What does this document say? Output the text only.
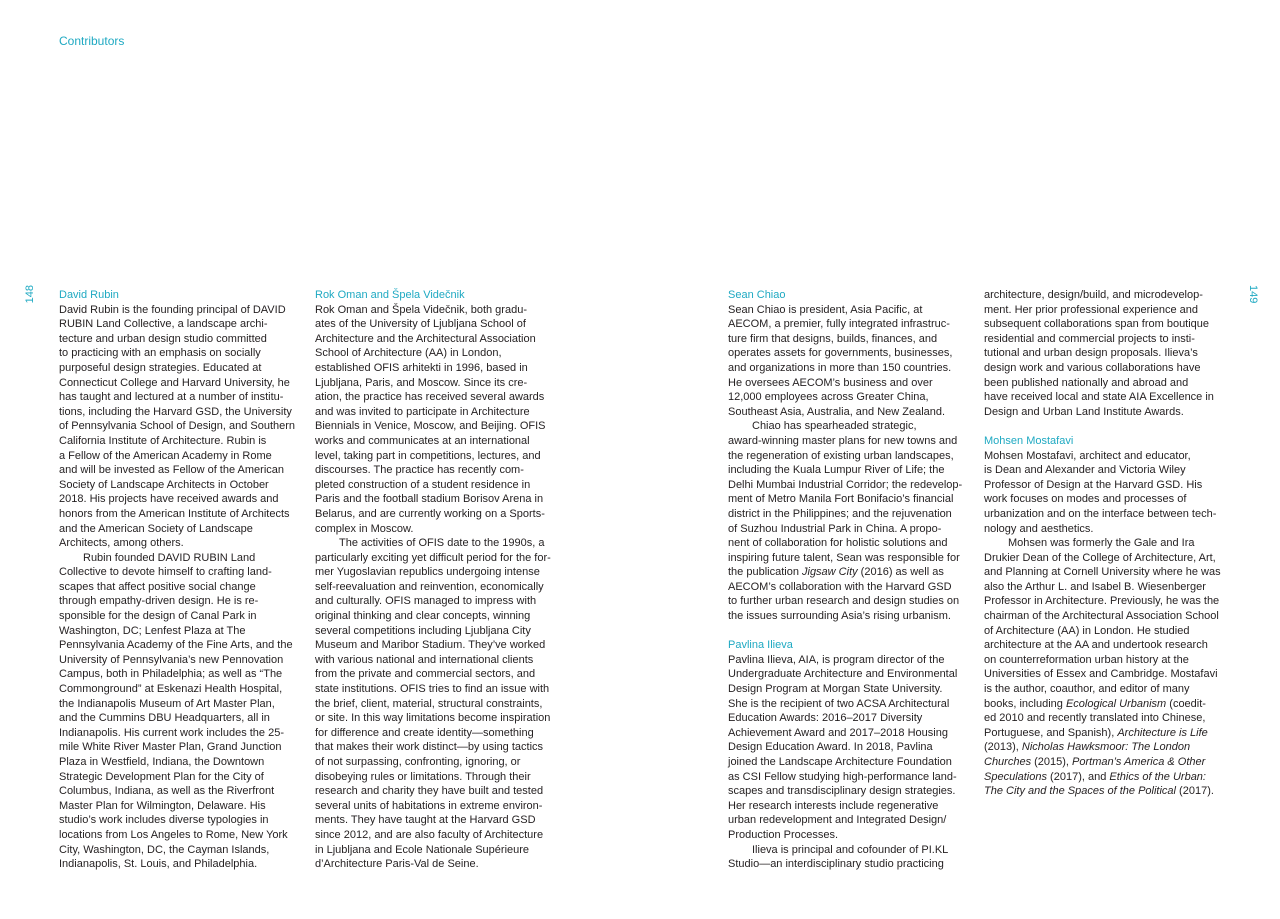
Contributors
148	149

David Rubin

David Rubin is the founding principal of DAVID
RUBIN Land Collective, a landscape archi-
tecture and urban design studio committed
to practicing with an emphasis on socially
purposeful design strategies. Educated at
Connecticut College and Harvard University, he
has taught and lectured at a number of institu-
tions, including the Harvard GSD, the University
of Pennsylvania School of Design, and Southern
California Institute of Architecture. Rubin is
a Fellow of the American Academy in Rome
and will be invested as Fellow of the American
Society of Landscape Architects in October
2018. His projects have received awards and
honors from the American Institute of Architects
and the American Society of Landscape
Architects, among others.

Rubin founded DAVID RUBIN Land
Collective to devote himself to crafting land-
scapes that affect positive social change
through empathy-driven design. He is re-
sponsible for the design of Canal Park in
Washington, DC; Lenfest Plaza at The
Pennsylvania Academy of the Fine Arts, and the
University of Pennsylvania’s new Pennovation
Campus, both in Philadelphia; as well as “The
Commonground” at Eskenazi Health Hospital,
the Indianapolis Museum of Art Master Plan,
and the Cummins DBU Headquarters, all in
Indianapolis. His current work includes the 25-
mile White River Master Plan, Grand Junction
Plaza in Westfield, Indiana, the Downtown
Strategic Development Plan for the City of
Columbus, Indiana, as well as the Riverfront
Master Plan for Wilmington, Delaware. His
studio’s work includes diverse typologies in
locations from Los Angeles to Rome, New York
City, Washington, DC, the Cayman Islands,
Indianapolis, St. Louis, and Philadelphia.

Rok Oman and Špela Videčnik

Rok Oman and Špela Videčnik, both gradu-
ates of the University of Ljubljana School of
Architecture and the Architectural Association
School of Architecture (AA) in London,
established OFIS arhitekti in 1996, based in
Ljubljana, Paris, and Moscow. Since its cre-
ation, the practice has received several awards
and was invited to participate in Architecture
Biennials in Venice, Moscow, and Beijing. OFIS
works and communicates at an international
level, taking part in competitions, lectures, and
discourses. The practice has recently com-
pleted construction of a student residence in
Paris and the football stadium Borisov Arena in
Belarus, and are currently working on a Sports-
complex in Moscow.

The activities of OFIS date to the 1990s, a
particularly exciting yet difficult period for the for-
mer Yugoslavian republics undergoing intense
self-reevaluation and reinvention, economically
and culturally. OFIS managed to impress with
original thinking and clear concepts, winning
several competitions including Ljubljana City
Museum and Maribor Stadium. They’ve worked
with various national and international clients
from the private and commercial sectors, and
state institutions. OFIS tries to find an issue with
the brief, client, material, structural constraints,
or site. In this way limitations become inspiration
for difference and create identity—something
that makes their work distinct—by using tactics
of not surpassing, confronting, ignoring, or
disobeying rules or limitations. Through their
research and charity they have built and tested
several units of habitations in extreme environ-
ments. They have taught at the Harvard GSD
since 2012, and are also faculty of Architecture
in Ljubljana and Ecole Nationale Supérieure
d’Architecture Paris-Val de Seine.

Sean Chiao

Sean Chiao is president, Asia Pacific, at
AECOM, a premier, fully integrated infrastruc-
ture firm that designs, builds, finances, and
operates assets for governments, businesses,
and organizations in more than 150 countries.
He oversees AECOM’s business and over
12,000 employees across Greater China,
Southeast Asia, Australia, and New Zealand.

Chiao has spearheaded strategic,
award-winning master plans for new towns and
the regeneration of existing urban landscapes,
including the Kuala Lumpur River of Life; the
Delhi Mumbai Industrial Corridor; the redevelop-
ment of Metro Manila Fort Bonifacio’s financial
district in the Philippines; and the rejuvenation
of Suzhou Industrial Park in China. A propo-
nent of collaboration for holistic solutions and
inspiring future talent, Sean was responsible for
the publication Jigsaw City (2016) as well as
AECOM’s collaboration with the Harvard GSD
to further urban research and design studies on
the issues surrounding Asia’s rising urbanism.

Pavlina Ilieva

Pavlina Ilieva, AIA, is program director of the
Undergraduate Architecture and Environmental
Design Program at Morgan State University.
She is the recipient of two ACSA Architectural
Education Awards: 2016–2017 Diversity
Achievement Award and 2017–2018 Housing
Design Education Award. In 2018, Pavlina
joined the Landscape Architecture Foundation
as CSI Fellow studying high-performance land-
scapes and transdisciplinary design strategies.
Her research interests include regenerative
urban redevelopment and Integrated Design/
Production Processes.

Ilieva is principal and cofounder of PI.KL
Studio—an interdisciplinary studio practicing

architecture, design/build, and microdevelop-
ment. Her prior professional experience and
subsequent collaborations span from boutique
residential and commercial projects to insti-
tutional and urban design proposals. Ilieva’s
design work and various collaborations have
been published nationally and abroad and
have received local and state AIA Excellence in
Design and Urban Land Institute Awards.

Mohsen Mostafavi

Mohsen Mostafavi, architect and educator,
is Dean and Alexander and Victoria Wiley
Professor of Design at the Harvard GSD. His
work focuses on modes and processes of
urbanization and on the interface between tech-
nology and aesthetics.

Mohsen was formerly the Gale and Ira
Drukier Dean of the College of Architecture, Art,
and Planning at Cornell University where he was
also the Arthur L. and Isabel B. Wiesenberger
Professor in Architecture. Previously, he was the
chairman of the Architectural Association School
of Architecture (AA) in London. He studied
architecture at the AA and undertook research
on counterreformation urban history at the
Universities of Essex and Cambridge. Mostafavi
is the author, coauthor, and editor of many
books, including Ecological Urbanism (coedit-
ed 2010 and recently translated into Chinese,
Portuguese, and Spanish), Architecture is Life
(2013), Nicholas Hawksmoor: The London
Churches (2015), Portman’s America & Other
Speculations (2017), and Ethics of the Urban:
The City and the Spaces of the Political (2017).
